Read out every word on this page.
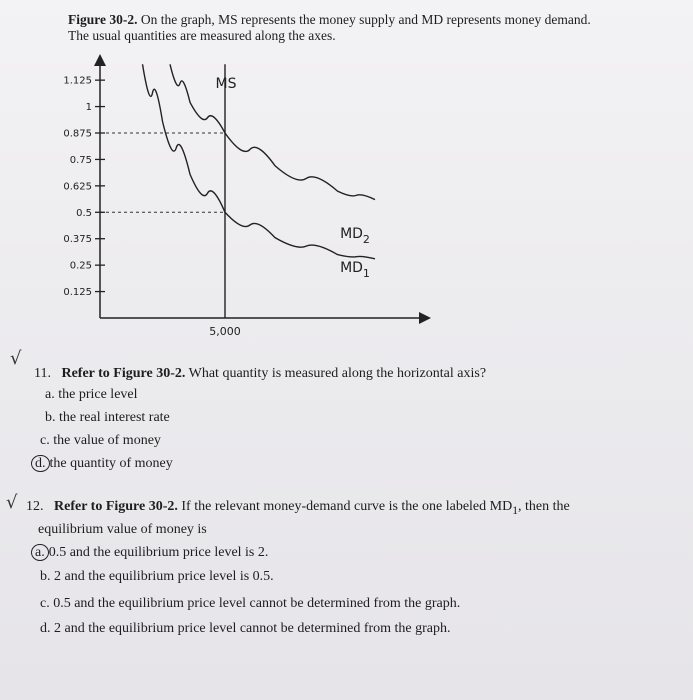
Figure 30-2. On the graph, MS represents the money supply and MD represents money demand.
The usual quantities are measured along the axes.
1.125
1
0.875
0.75
0.625
0.5
0.375
0.25
0.125
5,000
MS
$MD_2$
$MD_1$
√
11. Refer to Figure 30-2. What quantity is measured along the horizontal axis?
a. the price level
b. the real interest rate
c. the value of money
d. the quantity of money
√ 12. Refer to Figure 30-2. If the relevant money-demand curve is the one labeled $MD_1$, then the
equilibrium value of money is
a. 0.5 and the equilibrium price level is 2.
b. 2 and the equilibrium price level is 0.5.
c. 0.5 and the equilibrium price level cannot be determined from the graph.
d. 2 and the equilibrium price level cannot be determined from the graph.
